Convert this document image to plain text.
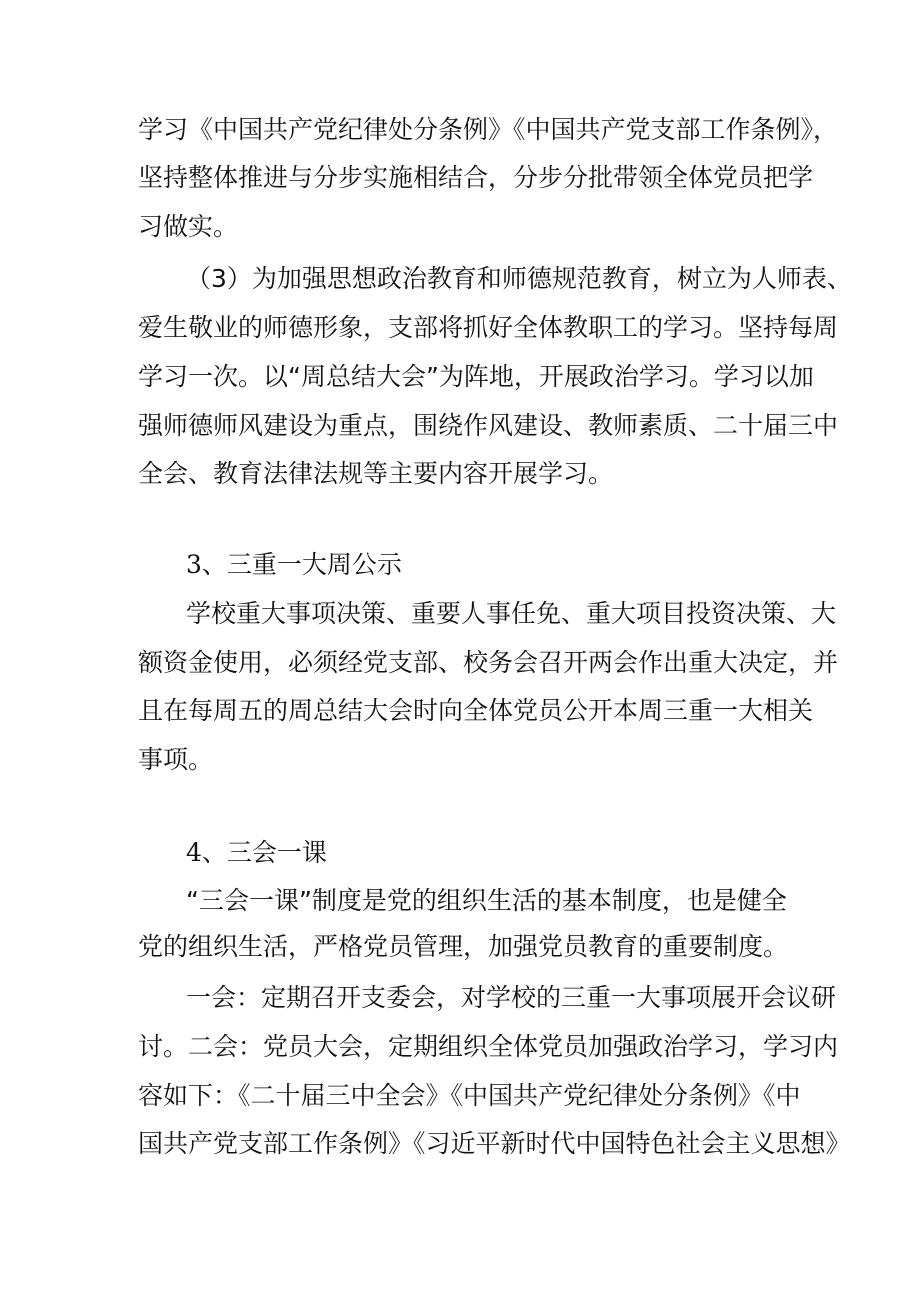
学习《中国共产党纪律处分条例》《中国共产党支部工作条例》，
坚持整体推进与分步实施相结合，分步分批带领全体党员把学
习做实。
（3）为加强思想政治教育和师德规范教育，树立为人师表、
爱生敬业的师德形象，支部将抓好全体教职工的学习。坚持每周
学习一次。以“周总结大会”为阵地，开展政治学习。学习以加
强师德师风建设为重点，围绕作风建设、教师素质、二十届三中
全会、教育法律法规等主要内容开展学习。
3、三重一大周公示
学校重大事项决策、重要人事任免、重大项目投资决策、大
额资金使用，必须经党支部、校务会召开两会作出重大决定，并
且在每周五的周总结大会时向全体党员公开本周三重一大相关
事项。
4、三会一课
“三会一课”制度是党的组织生活的基本制度，也是健全
党的组织生活，严格党员管理，加强党员教育的重要制度。
一会：定期召开支委会，对学校的三重一大事项展开会议研
讨。二会：党员大会，定期组织全体党员加强政治学习，学习内
容如下：《二十届三中全会》《中国共产党纪律处分条例》《中
国共产党支部工作条例》《习近平新时代中国特色社会主义思想》
